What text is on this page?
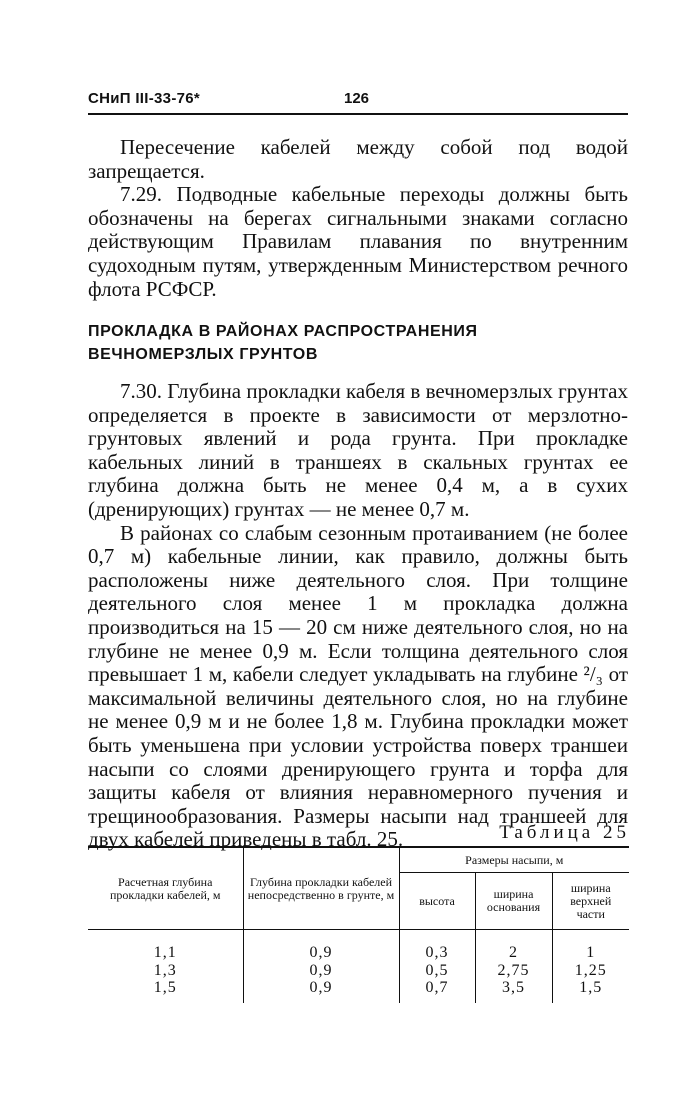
СНиП III-33-76*	126

Пересечение кабелей между собой под водой запрещается.

7.29. Подводные кабельные переходы должны быть обозначены на берегах сигнальными знаками согласно действующим Правилам плавания по внутренним судоходным путям, утвержденным Министерством речного флота РСФСР.

ПРОКЛАДКА В РАЙОНАХ РАСПРОСТРАНЕНИЯ ВЕЧНОМЕРЗЛЫХ ГРУНТОВ

7.30. Глубина прокладки кабеля в вечномерзлых грунтах определяется в проекте в зависимости от мерзлотно-грунтовых явлений и рода грунта. При прокладке кабельных линий в траншеях в скальных грунтах ее глубина должна быть не менее 0,4 м, а в сухих (дренирующих) грунтах — не менее 0,7 м.

В районах со слабым сезонным протаиванием (не более 0,7 м) кабельные линии, как правило, должны быть расположены ниже деятельного слоя. При толщине деятельного слоя менее 1 м прокладка должна производиться на 15 — 20 см ниже деятельного слоя, но на глубине не менее 0,9 м. Если толщина деятельного слоя превышает 1 м, кабели следует укладывать на глубине ²/₃ от максимальной величины деятельного слоя, но на глубине не менее 0,9 м и не более 1,8 м. Глубина прокладки может быть уменьшена при условии устройства поверх траншеи насыпи со слоями дренирующего грунта и торфа для защиты кабеля от влияния неравномерного пучения и трещинообразования. Размеры насыпи над траншеей для двух кабелей приведены в табл. 25.	Таблица 25
Расчетная глубина прокладки кабелей, м	Глубина прокладки кабелей непосредственно в грунте, м	Размеры насыпи, м		
		высота	ширина основания	ширина верхней части
1,1	0,9	0,3	2	1
1,3	0,9	0,5	2,75	1,25
1,5	0,9	0,7	3,5	1,5
